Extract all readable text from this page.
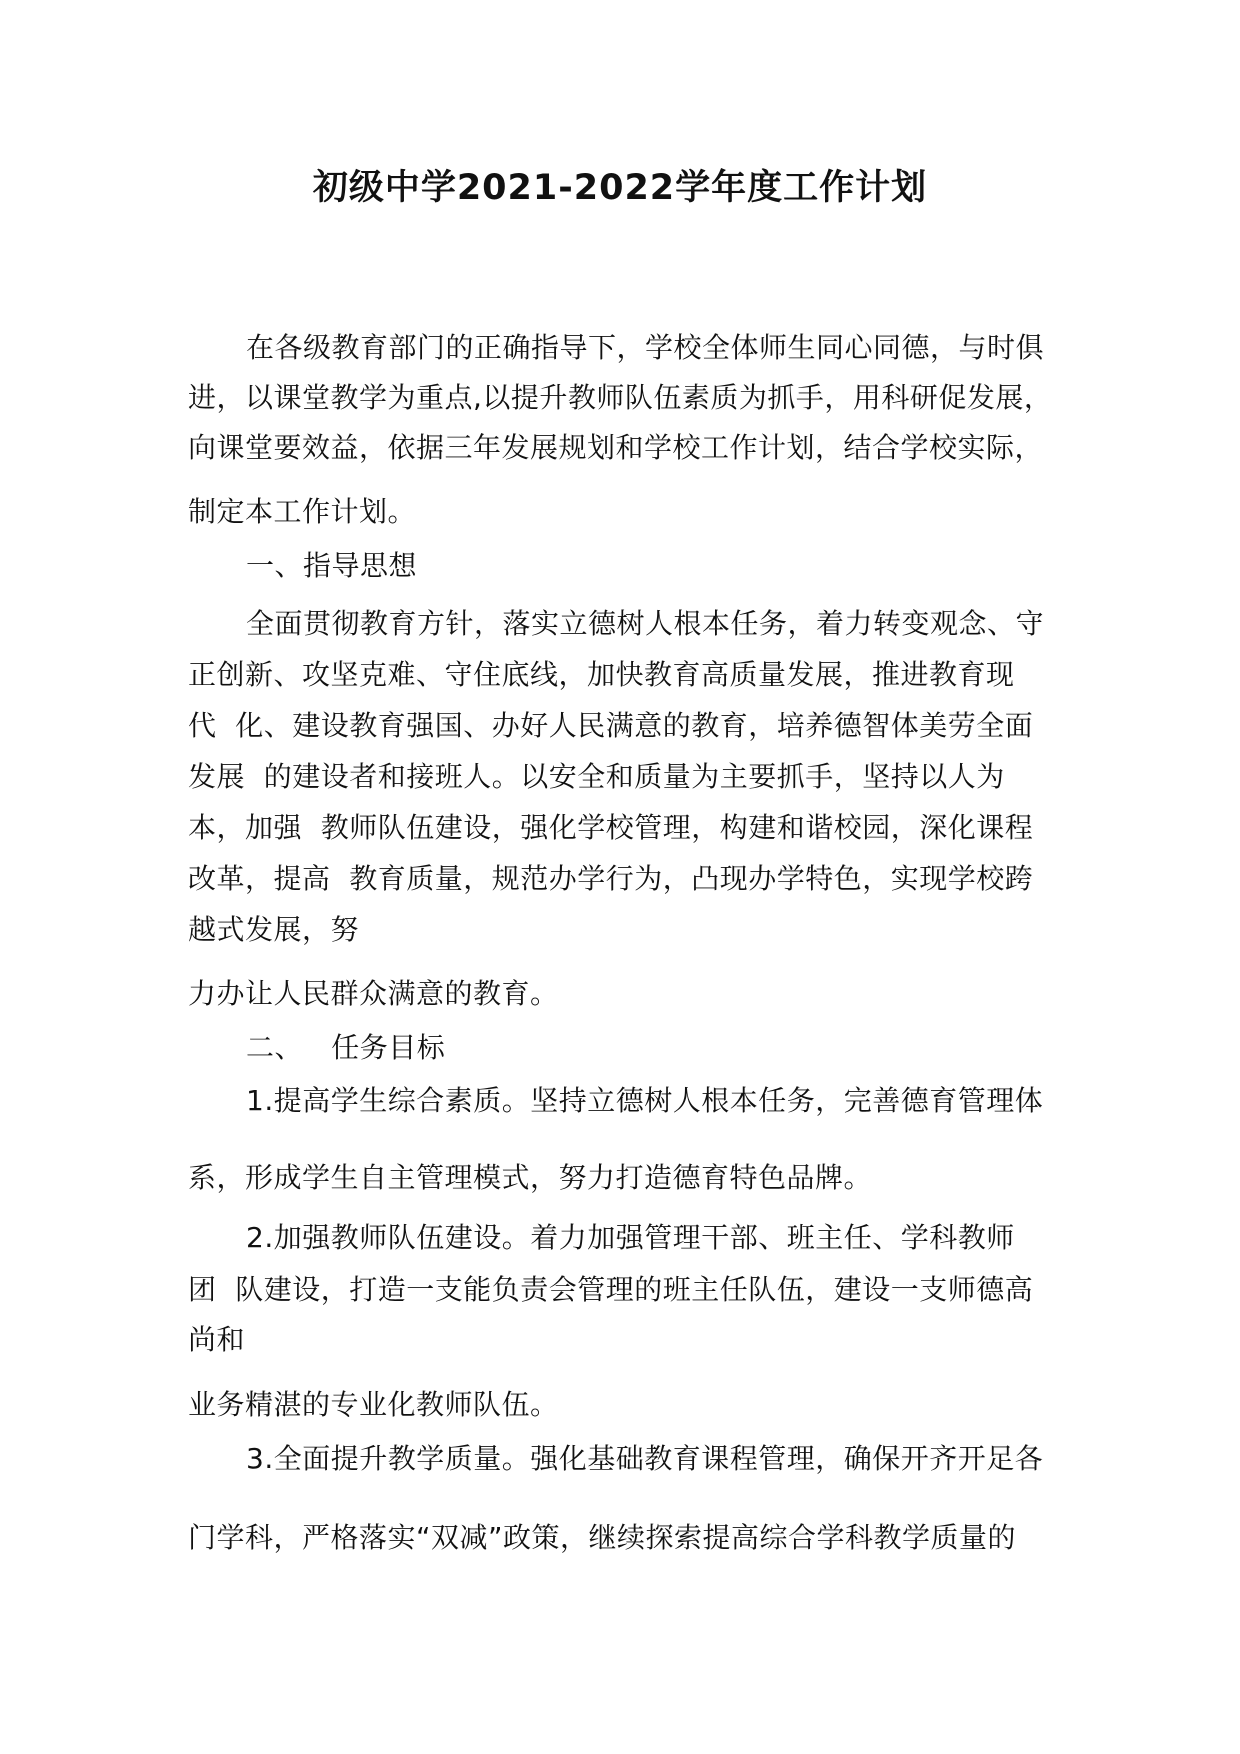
初级中学2021-2022学年度工作计划
在各级教育部门的正确指导下，学校全体师生同心同德，与时俱
进，以课堂教学为重点,以提升教师队伍素质为抓手，用科研促发展，
向课堂要效益，依据三年发展规划和学校工作计划，结合学校实际，
制定本工作计划。
一、指导思想
全面贯彻教育方针，落实立德树人根本任务，着力转变观念、守
正创新、攻坚克难、守住底线，加快教育高质量发展，推进教育现
代  化、建设教育强国、办好人民满意的教育，培养德智体美劳全面
发展  的建设者和接班人。以安全和质量为主要抓手，坚持以人为
本，加强  教师队伍建设，强化学校管理，构建和谐校园，深化课程
改革，提高  教育质量，规范办学行为，凸现办学特色，实现学校跨
越式发展，努
力办让人民群众满意的教育。
二、   任务目标
1.提高学生综合素质。坚持立德树人根本任务，完善德育管理体
系，形成学生自主管理模式，努力打造德育特色品牌。
2.加强教师队伍建设。着力加强管理干部、班主任、学科教师
团  队建设，打造一支能负责会管理的班主任队伍，建设一支师德高
尚和
业务精湛的专业化教师队伍。
3.全面提升教学质量。强化基础教育课程管理，确保开齐开足各
门学科，严格落实“双减”政策，继续探索提高综合学科教学质量的
